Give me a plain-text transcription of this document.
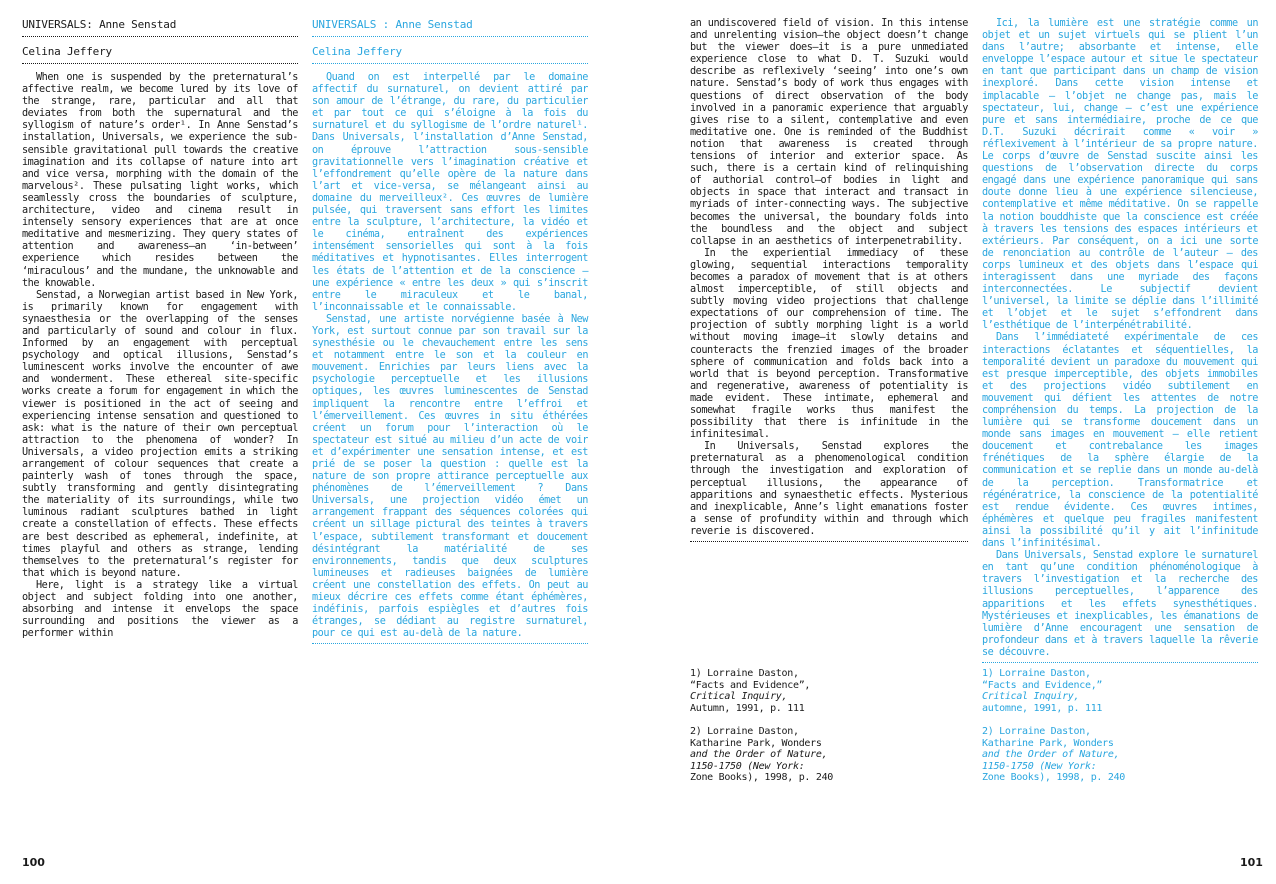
UNIVERSALS: Anne Senstad
Celina Jeffery

When one is suspended by the preternatural’s affective realm, we become lured by its love of the strange, rare, particular and all that deviates from both the supernatural and the syllogism of nature’s order¹. In Anne Senstad’s installation, Universals, we experience the sub-sensible gravitational pull towards the creative imagination and its collapse of nature into art and vice versa, morphing with the domain of the marvelous². These pulsating light works, which seamlessly cross the boundaries of sculpture, architecture, video and cinema result in intensely sensory experiences that are at once meditative and mesmerizing. They query states of attention and awareness—an ‘in-between’ experience which resides between the ‘miraculous’ and the mundane, the unknowable and the knowable.

Senstad, a Norwegian artist based in New York, is primarily known for engagement with synaesthesia or the overlapping of the senses and particularly of sound and colour in flux. Informed by an engagement with perceptual psychology and optical illusions, Senstad’s luminescent works involve the encounter of awe and wonderment. These ethereal site-specific works create a forum for engagement in which the viewer is positioned in the act of seeing and experiencing intense sensation and questioned to ask: what is the nature of their own perceptual attraction to the phenomena of wonder? In Universals, a video projection emits a striking arrangement of colour sequences that create a painterly wash of tones through the space, subtly transforming and gently disintegrating the materiality of its surroundings, while two luminous radiant sculptures bathed in light create a constellation of effects. These effects are best described as ephemeral, indefinite, at times playful and others as strange, lending themselves to the preternatural’s register for that which is beyond nature.

Here, light is a strategy like a virtual object and subject folding into one another, absorbing and intense it envelops the space surrounding and positions the viewer as a performer within

UNIVERSALS : Anne Senstad
Celina Jeffery

Quand on est interpellé par le domaine affectif du surnaturel, on devient attiré par son amour de l’étrange, du rare, du particulier et par tout ce qui s’éloigne à la fois du surnaturel et du syllogisme de l’ordre naturel¹. Dans Universals, l’installation d’Anne Senstad, on éprouve l’attraction sous-sensible gravitationnelle vers l’imagination créative et l’effondrement qu’elle opère de la nature dans l’art et vice-versa, se mélangeant ainsi au domaine du merveilleux². Ces œuvres de lumière pulsée, qui traversent sans effort les limites entre la sculpture, l’architecture, la vidéo et le cinéma, entraînent des expériences intensément sensorielles qui sont à la fois méditatives et hypnotisantes. Elles interrogent les états de l’attention et de la conscience — une expérience « entre les deux » qui s’inscrit entre le miraculeux et le banal, l’inconnaissable et le connaissable.

Senstad, une artiste norvégienne basée à New York, est surtout connue par son travail sur la synesthésie ou le chevauchement entre les sens et notamment entre le son et la couleur en mouvement. Enrichies par leurs liens avec la psychologie perceptuelle et les illusions optiques, les œuvres luminescentes de Senstad impliquent la rencontre entre l’effroi et l’émerveillement. Ces œuvres in situ éthérées créent un forum pour l’interaction où le spectateur est situé au milieu d’un acte de voir et d’expérimenter une sensation intense, et est prié de se poser la question : quelle est la nature de son propre attirance perceptuelle aux phénomènes de l’émerveillement ? Dans Universals, une projection vidéo émet un arrangement frappant des séquences colorées qui créent un sillage pictural des teintes à travers l’espace, subtilement transformant et doucement désintégrant la matérialité de ses environnements, tandis que deux sculptures lumineuses et radieuses baignées de lumière créent une constellation des effets. On peut au mieux décrire ces effets comme étant éphémères, indéfinis, parfois espiègles et d’autres fois étranges, se dédiant au registre surnaturel, pour ce qui est au-delà de la nature.

an undiscovered field of vision. In this intense and unrelenting vision—the object doesn’t change but the viewer does—it is a pure unmediated experience close to what D. T. Suzuki would describe as reflexively ‘seeing’ into one’s own nature. Senstad’s body of work thus engages with questions of direct observation of the body involved in a panoramic experience that arguably gives rise to a silent, contemplative and even meditative one. One is reminded of the Buddhist notion that awareness is created through tensions of interior and exterior space. As such, there is a certain kind of relinquishing of authorial control—of bodies in light and objects in space that interact and transact in myriads of inter-connecting ways. The subjective becomes the universal, the boundary folds into the boundless and the object and subject collapse in an aesthetics of interpenetrability.

In the experiential immediacy of these glowing, sequential interactions temporality becomes a paradox of movement that is at others almost imperceptible, of still objects and subtly moving video projections that challenge expectations of our comprehension of time. The projection of subtly morphing light is a world without moving image—it slowly detains and counteracts the frenzied images of the broader sphere of communication and folds back into a world that is beyond perception. Transformative and regenerative, awareness of potentiality is made evident. These intimate, ephemeral and somewhat fragile works thus manifest the possibility that there is infinitude in the infinitesimal.

In Universals, Senstad explores the preternatural as a phenomenological condition through the investigation and exploration of perceptual illusions, the appearance of apparitions and synaesthetic effects. Mysterious and inexplicable, Anne’s light emanations foster a sense of profundity within and through which reverie is discovered.

Ici, la lumière est une stratégie comme un objet et un sujet virtuels qui se plient l’un dans l’autre; absorbante et intense, elle enveloppe l’espace autour et situe le spectateur en tant que participant dans un champ de vision inexploré. Dans cette vision intense et implacable — l’objet ne change pas, mais le spectateur, lui, change — c’est une expérience pure et sans intermédiaire, proche de ce que D.T. Suzuki décrirait comme « voir » réflexivement à l’intérieur de sa propre nature. Le corps d’œuvre de Senstad suscite ainsi les questions de l’observation directe du corps engagé dans une expérience panoramique qui sans doute donne lieu à une expérience silencieuse, contemplative et même méditative. On se rappelle la notion bouddhiste que la conscience est créée à travers les tensions des espaces intérieurs et extérieurs. Par conséquent, on a ici une sorte de renonciation au contrôle de l’auteur — des corps lumineux et des objets dans l’espace qui interagissent dans une myriade des façons interconnectées. Le subjectif devient l’universel, la limite se déplie dans l’illimité et l’objet et le sujet s’effondrent dans l’esthétique de l’interpénétrabilité.

Dans l’immédiateté expérimentale de ces interactions éclatantes et séquentielles, la temporalité devient un paradoxe du mouvement qui est presque imperceptible, des objets immobiles et des projections vidéo subtilement en mouvement qui défient les attentes de notre compréhension du temps. La projection de la lumière qui se transforme doucement dans un monde sans images en mouvement — elle retient doucement et contrebalance les images frénétiques de la sphère élargie de la communication et se replie dans un monde au-delà de la perception. Transformatrice et régénératrice, la conscience de la potentialité est rendue évidente. Ces œuvres intimes, éphémères et quelque peu fragiles manifestent ainsi la possibilité qu’il y ait l’infinitude dans l’infinitésimal.

Dans Universals, Senstad explore le surnaturel en tant qu’une condition phénoménologique à travers l’investigation et la recherche des illusions perceptuelles, l’apparence des apparitions et les effets synesthétiques. Mystérieuses et inexplicables, les émanations de lumière d’Anne encouragent une sensation de profondeur dans et à travers laquelle la rêverie se découvre.

1) Lorraine Daston,
“Facts and Evidence”,
Critical Inquiry,
Autumn, 1991, p. 111
2) Lorraine Daston,
Katharine Park, Wonders
and the Order of Nature,
1150-1750 (New York:
Zone Books), 1998, p. 240
1) Lorraine Daston,
“Facts and Evidence,”
Critical Inquiry,
automne, 1991, p. 111
2) Lorraine Daston,
Katharine Park, Wonders
and the Order of Nature,
1150-1750 (New York:
Zone Books), 1998, p. 240
100	101
